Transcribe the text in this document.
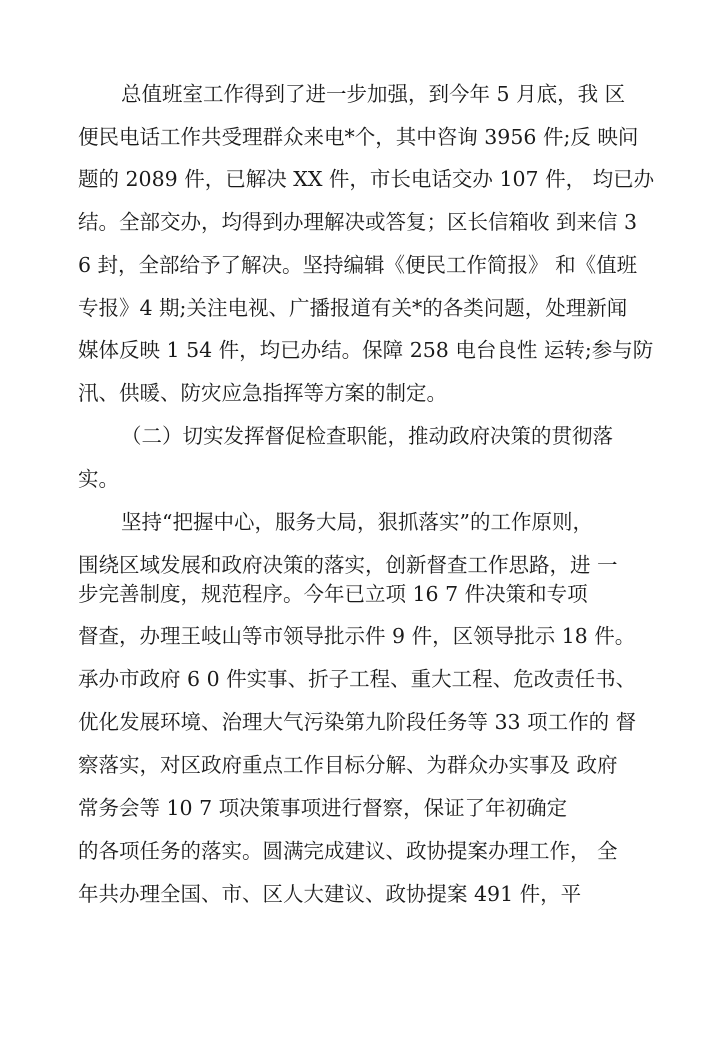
总值班室工作得到了进一步加强，到今年 5 月底，我 区
便民电话工作共受理群众来电*个，其中咨询 3956 件;反 映问
题的 2089 件，已解决 XX 件，市长电话交办 107 件， 均已办
结。全部交办，均得到办理解决或答复；区长信箱收 到来信 3
6 封，全部给予了解决。坚持编辑《便民工作简报》 和《值班
专报》4 期;关注电视、广播报道有关*的各类问题，处理新闻
媒体反映 1 54 件，均已办结。保障 258 电台良性 运转;参与防
汛、供暖、防灾应急指挥等方案的制定。
（二）切实发挥督促检查职能，推动政府决策的贯彻落
实。
坚持“把握中心，服务大局，狠抓落实”的工作原则，
围绕区域发展和政府决策的落实，创新督查工作思路，进 一
步完善制度，规范程序。今年已立项 16 7 件决策和专项
督查，办理王岐山等市领导批示件 9 件，区领导批示 18 件。
承办市政府 6 0 件实事、折子工程、重大工程、危改责任书、
优化发展环境、治理大气污染第九阶段任务等 33 项工作的 督
察落实，对区政府重点工作目标分解、为群众办实事及 政府
常务会等 10 7 项决策事项进行督察，保证了年初确定
的各项任务的落实。圆满完成建议、政协提案办理工作， 全
年共办理全国、市、区人大建议、政协提案 491 件，平
